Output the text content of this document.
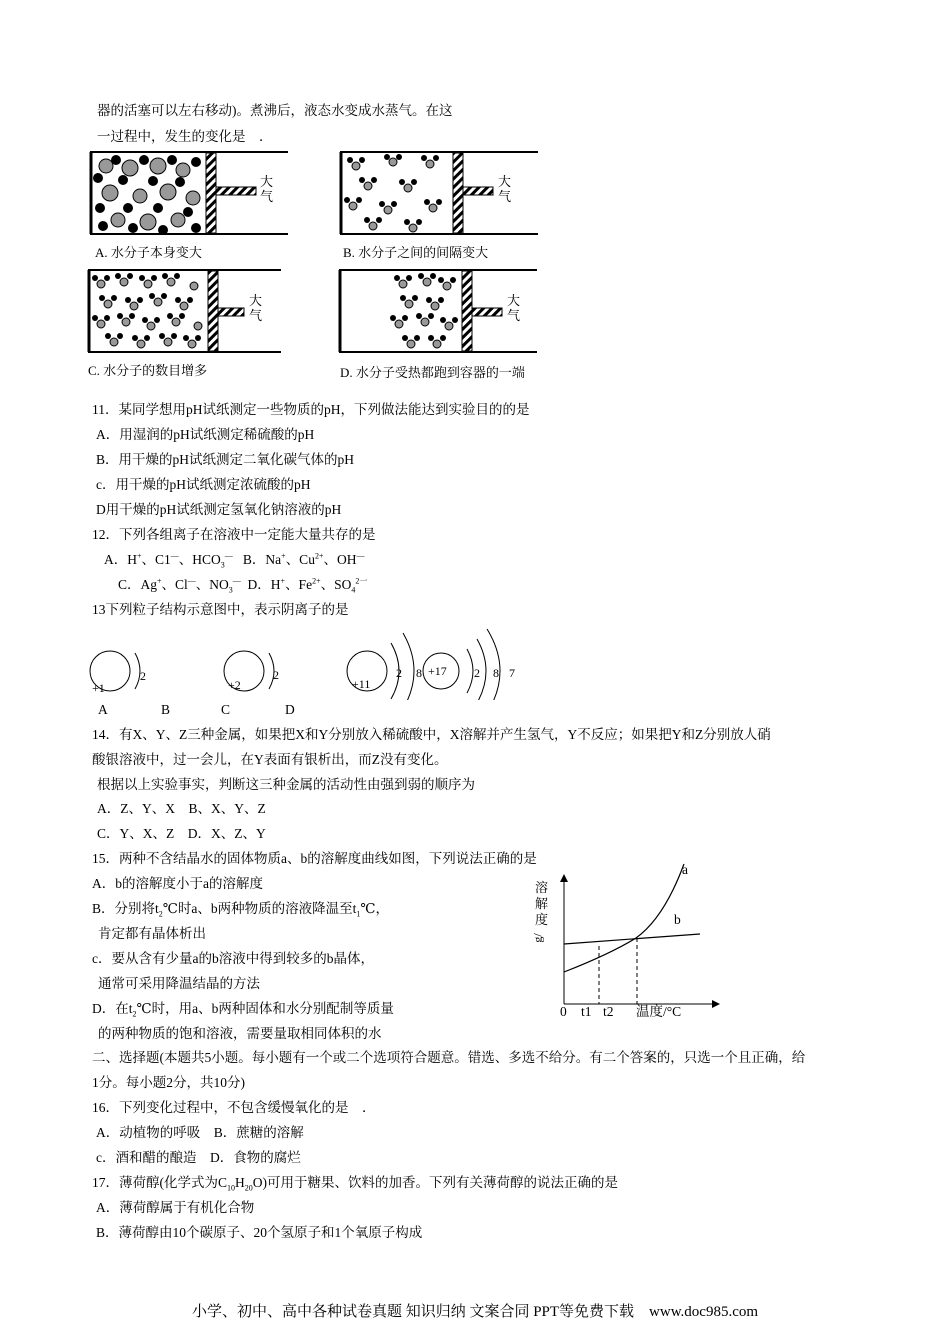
器的活塞可以左右移动)。煮沸后，液态水变成水蒸气。在这
一过程中，发生的变化是　．
大
气
A. 水分子本身变大
大
气
B. 水分子之间的间隔变大
大
气
C. 水分子的数目增多
大
气
D. 水分子受热都跑到容器的一端
11．某同学想用pH试纸测定一些物质的pH，下列做法能达到实验目的的是
A．用湿润的pH试纸测定稀硫酸的pH
B．用干燥的pH试纸测定二氧化碳气体的pH
c．用干燥的pH试纸测定浓硫酸的pH
D用干燥的pH试纸测定氢氧化钠溶液的pH
12．下列各组离子在溶液中一定能大量共存的是
A．H+、C1—、$HCO_3^—$ B．Na+、$Cu^{2+}$、OH—
C．Ag+、Cl—、$NO_3^—$ D．H+、$Fe^{2+}$、$SO_4^{2一}$
13下列粒子结构示意图中，表示阴离子的是
+1
2
+2
2
+11
2 8 +17 2 8 7
A	B	C	D
14．有X、Y、Z三种金属，如果把X和Y分别放入稀硫酸中，X溶解并产生氢气，Y不反应；如果把Y和Z分别放人硝
酸银溶液中，过一会儿，在Y表面有银析出，而Z没有变化。
根据以上实验事实，判断这三种金属的活动性由强到弱的顺序为
A．Z、Y、X　B、X、Y、Z
C．Y、X、Z　D．X、Z、Y
15．两种不含结晶水的固体物质a、b的溶解度曲线如图，下列说法正确的是
A．b的溶解度小于a的溶解度
B．分别将$t_2℃$时a、b两种物质的溶液降温至$t_1℃$，
肯定都有晶体析出
c．要从含有少量a的b溶液中得到较多的b晶体，
通常可采用降温结晶的方法
D．在$t_2℃$时，用a、b两种固体和水分别配制等质量
的两种物质的饱和溶液，需要量取相同体积的水
溶
解
度
g/
a
b
0 t1 t2 温度/°C
二、选择题(本题共5小题。每小题有一个或二个选项符合题意。错选、多选不给分。有二个答案的，只选一个且正确，给
1分。每小题2分，共10分)
16．下列变化过程中，不包含缓慢氧化的是　．
A．动植物的呼吸　B．蔗糖的溶解
c．酒和醋的酿造　D．食物的腐烂
17．薄荷醇(化学式为$C_{10}H_{20}O$)可用于糖果、饮料的加香。下列有关薄荷醇的说法正确的是
A．薄荷醇属于有机化合物
B．薄荷醇由10个碳原子、20个氢原子和1个氧原子构成
小学、初中、高中各种试卷真题 知识归纳 文案合同 PPT等免费下载　www.doc985.com
